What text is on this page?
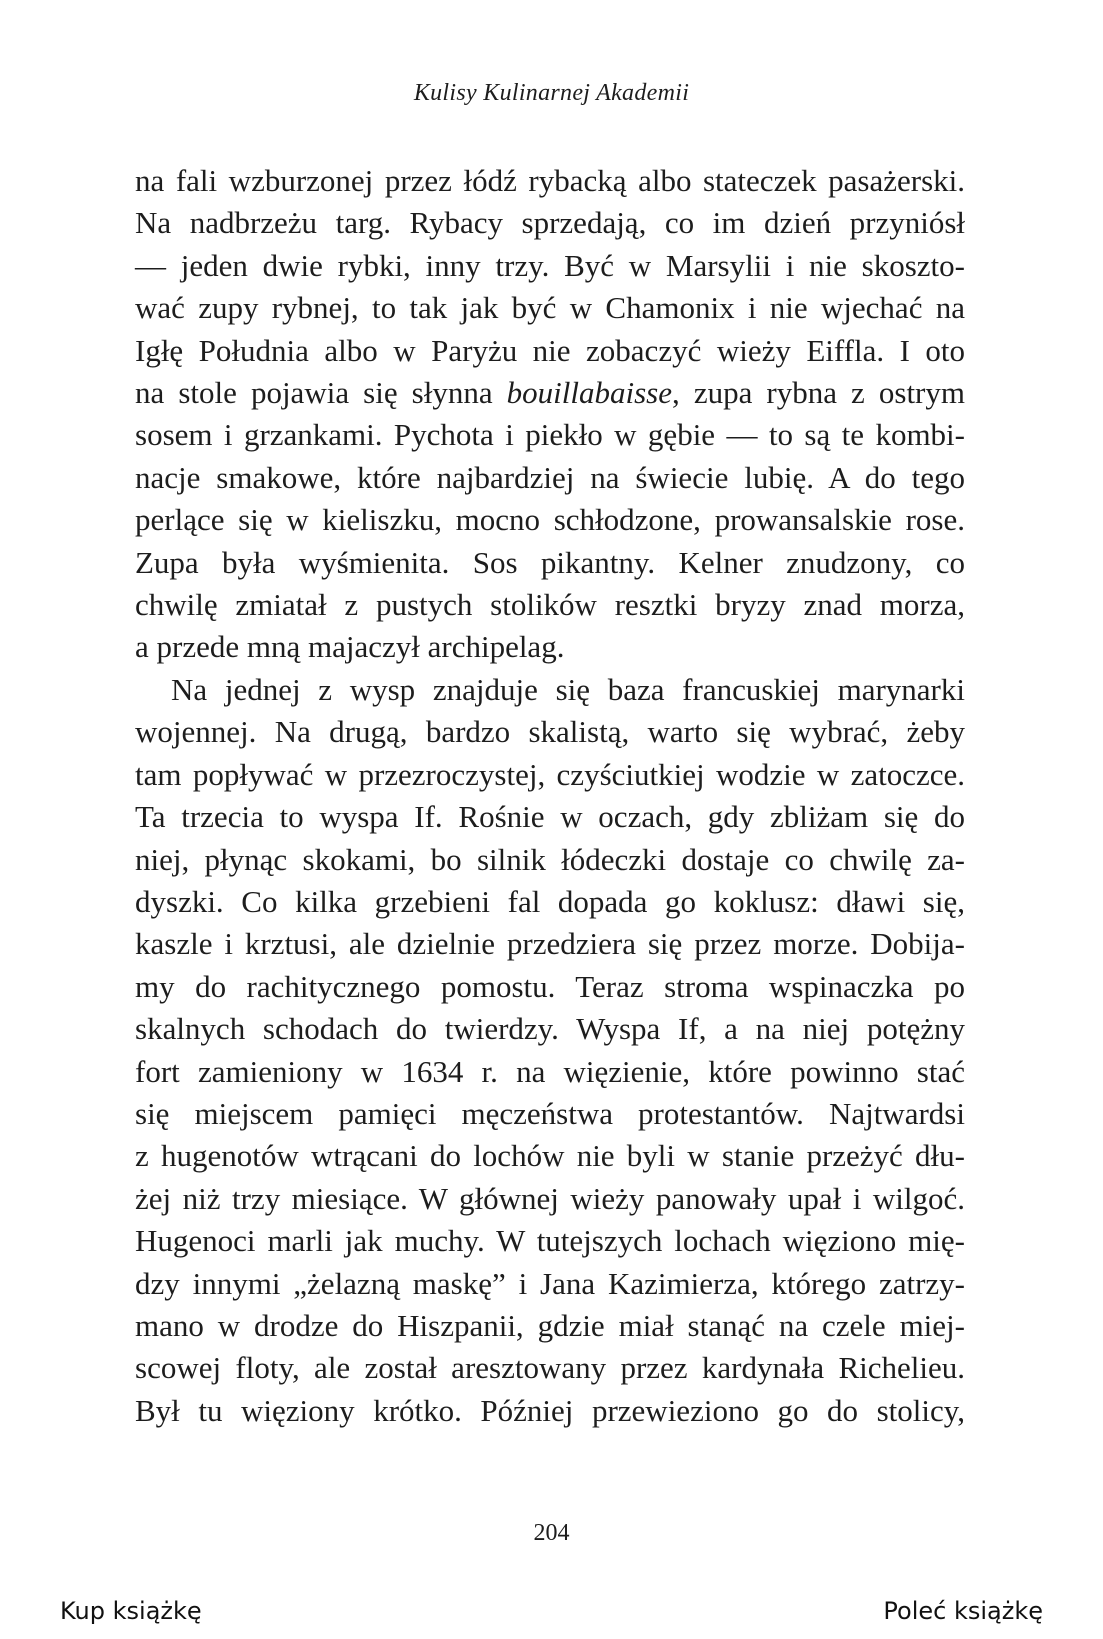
Kulisy Kulinarnej Akademii

na fali wzburzonej przez łódź rybacką albo stateczek pasażerski.
Na nadbrzeżu targ. Rybacy sprzedają, co im dzień przyniósł
— jeden dwie rybki, inny trzy. Być w Marsylii i nie skoszto-
wać zupy rybnej, to tak jak być w Chamonix i nie wjechać na
Igłę Południa albo w Paryżu nie zobaczyć wieży Eiffla. I oto
na stole pojawia się słynna bouillabaisse, zupa rybna z ostrym
sosem i grzankami. Pychota i piekło w gębie — to są te kombi-
nacje smakowe, które najbardziej na świecie lubię. A do tego
perlące się w kieliszku, mocno schłodzone, prowansalskie rose.
Zupa była wyśmienita. Sos pikantny. Kelner znudzony, co
chwilę zmiatał z pustych stolików resztki bryzy znad morza,
a przede mną majaczył archipelag.

Na jednej z wysp znajduje się baza francuskiej marynarki
wojennej. Na drugą, bardzo skalistą, warto się wybrać, żeby
tam popływać w przezroczystej, czyściutkiej wodzie w zatoczce.
Ta trzecia to wyspa If. Rośnie w oczach, gdy zbliżam się do
niej, płynąc skokami, bo silnik łódeczki dostaje co chwilę za-
dyszki. Co kilka grzebieni fal dopada go koklusz: dławi się,
kaszle i krztusi, ale dzielnie przedziera się przez morze. Dobija-
my do rachitycznego pomostu. Teraz stroma wspinaczka po
skalnych schodach do twierdzy. Wyspa If, a na niej potężny
fort zamieniony w 1634 r. na więzienie, które powinno stać
się miejscem pamięci męczeństwa protestantów. Najtwardsi
z hugenotów wtrącani do lochów nie byli w stanie przeżyć dłu-
żej niż trzy miesiące. W głównej wieży panowały upał i wilgoć.
Hugenoci marli jak muchy. W tutejszych lochach więziono mię-
dzy innymi „żelazną maskę” i Jana Kazimierza, którego zatrzy-
mano w drodze do Hiszpanii, gdzie miał stanąć na czele miej-
scowej floty, ale został aresztowany przez kardynała Richelieu.
Był tu więziony krótko. Później przewieziono go do stolicy,

204
Kup książkę	Poleć książkę
